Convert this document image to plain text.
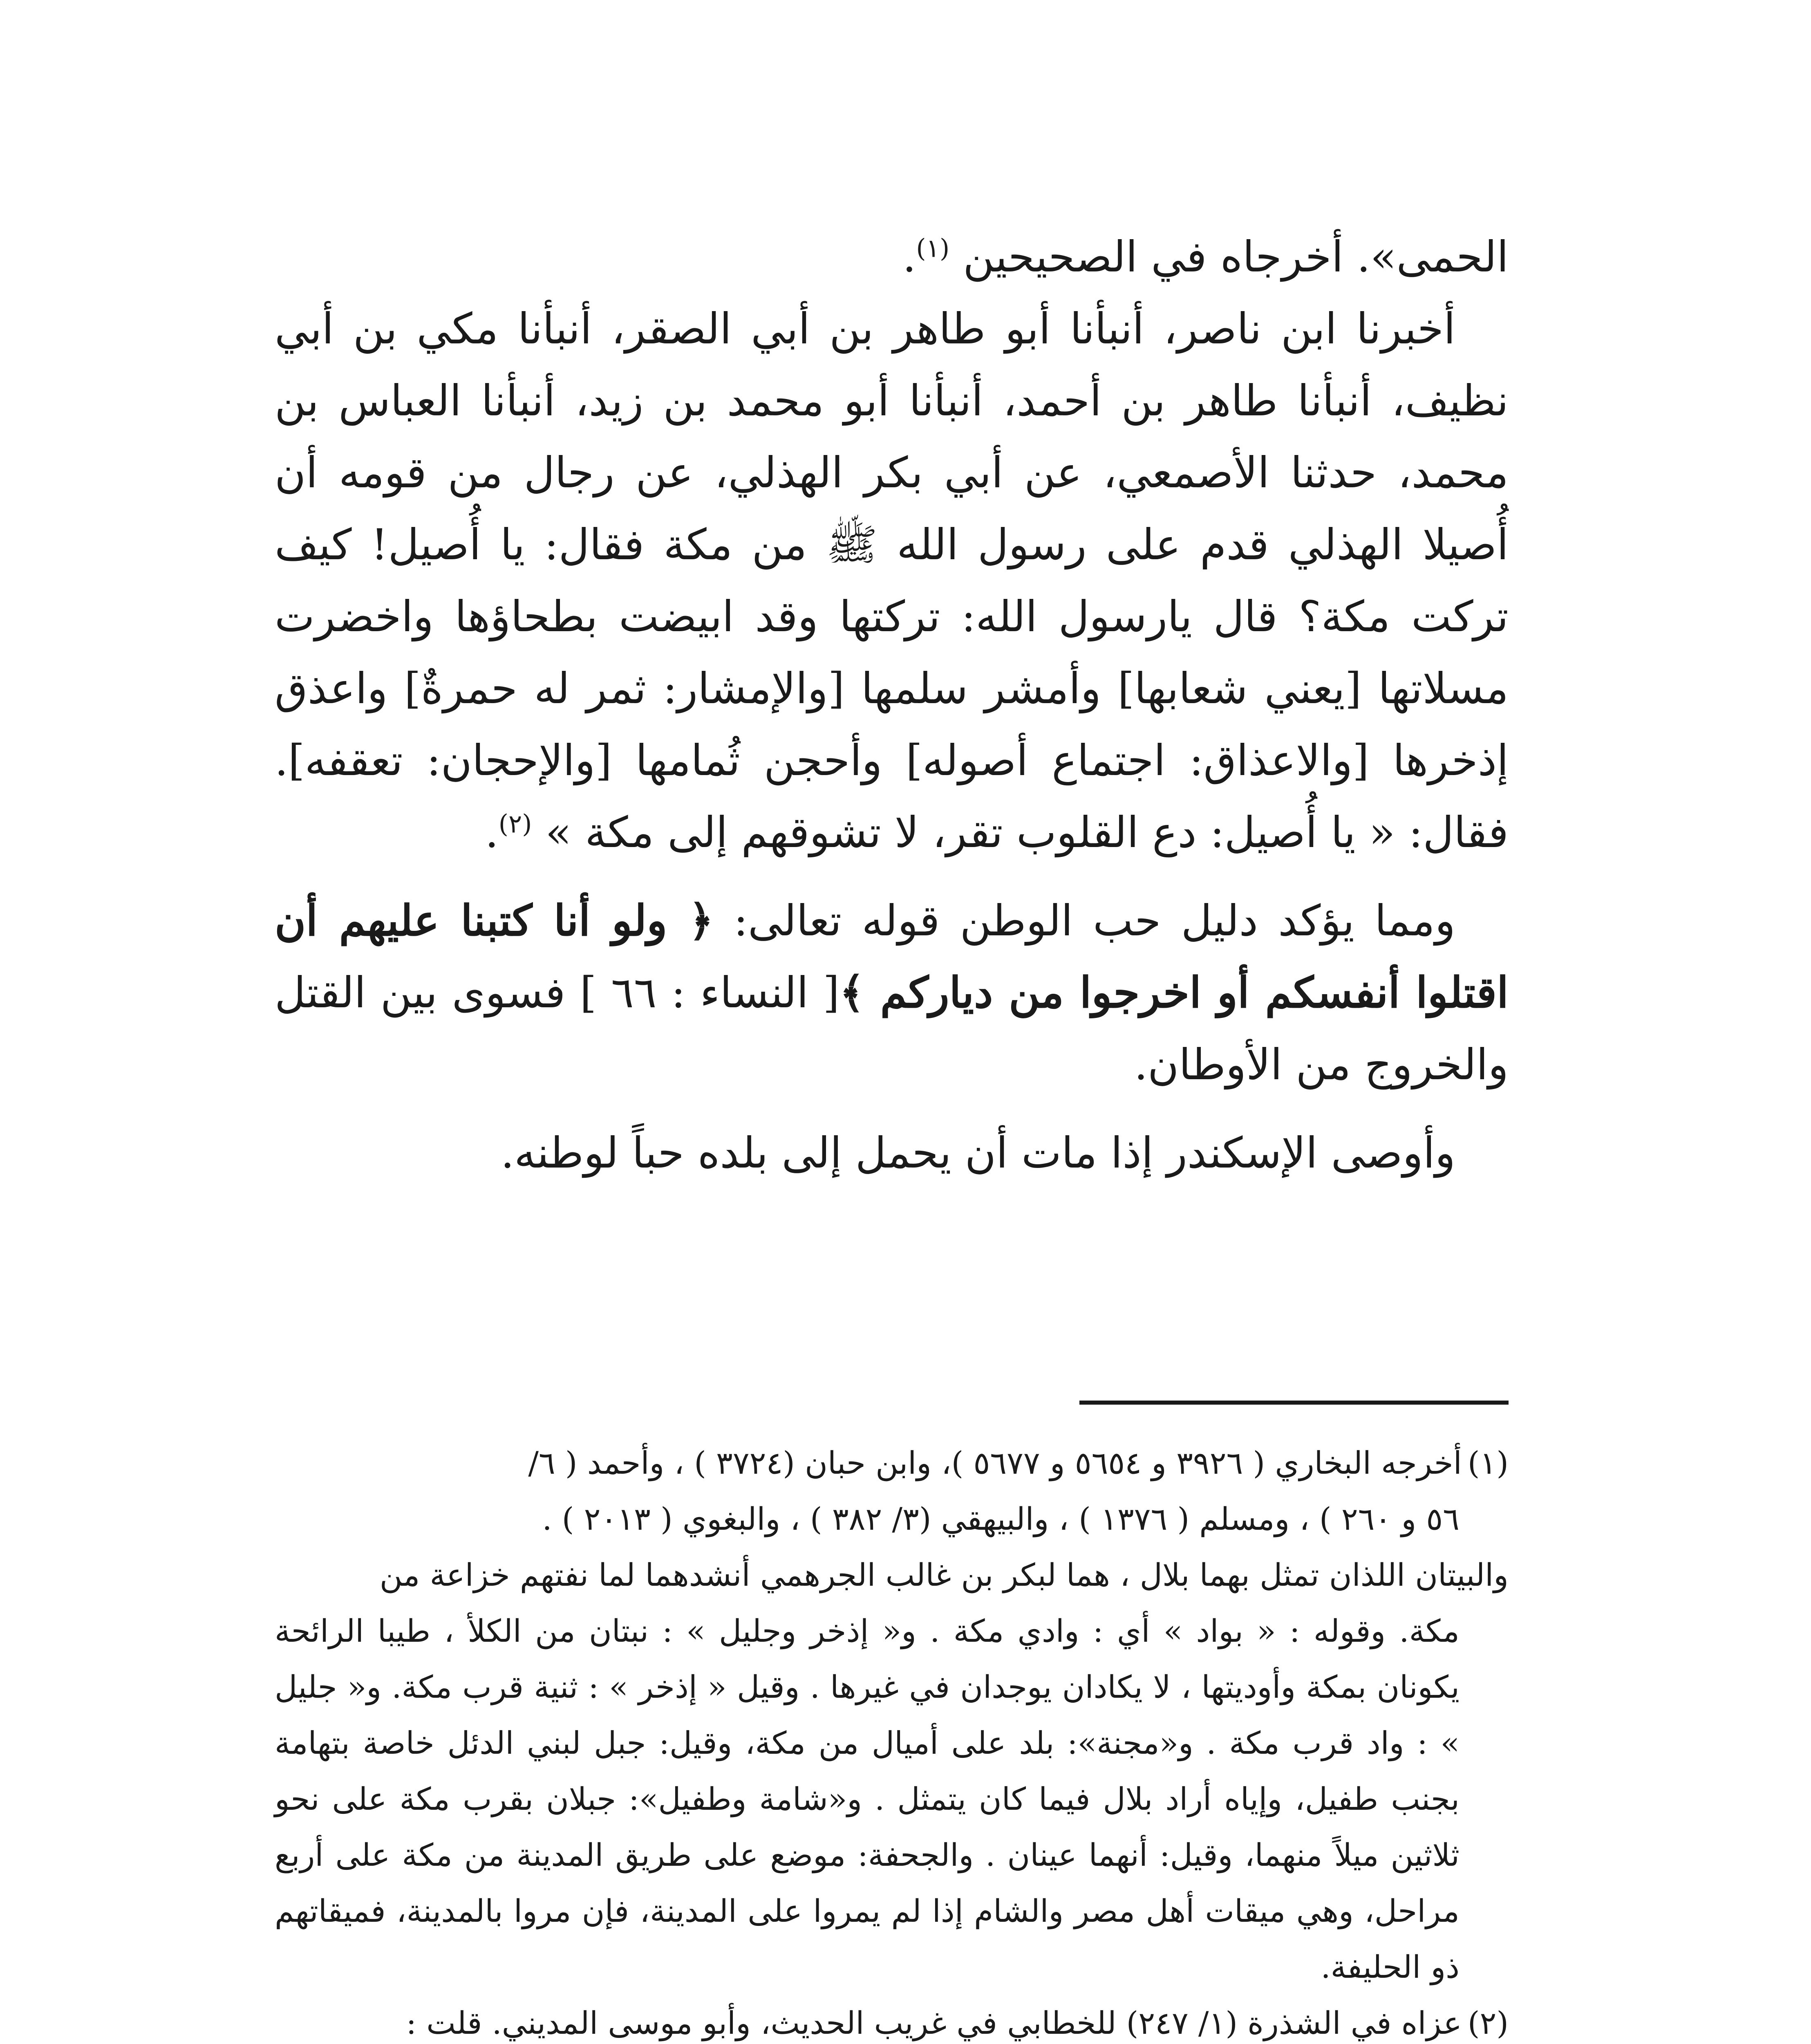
الحمى». أخرجاه في الصحيحين $^{(١)}$.

أخبرنا ابن ناصر، أنبأنا أبو طاهر بن أبي الصقر، أنبأنا مكي بن أبي نظيف، أنبأنا طاهر بن أحمد، أنبأنا أبو محمد بن زيد، أنبأنا العباس بن محمد، حدثنا الأصمعي، عن أبي بكر الهذلي، عن رجال من قومه أن أُصيلا الهذلي قدم على رسول الله ﷺ من مكة فقال: يا أُصيل! كيف تركت مكة؟ قال يارسول الله: تركتها وقد ابيضت بطحاؤها واخضرت مسلاتها [يعني شعابها] وأمشر سلمها [والإمشار: ثمر له حمرةٌ] واعذق إذخرها [والاعذاق: اجتماع أصوله] وأحجن ثُمامها [والإحجان: تعقفه]. فقال: « يا أُصيل: دع القلوب تقر، لا تشوقهم إلى مكة » $^{(٢)}$.

ومما يؤكد دليل حب الوطن قوله تعالى: ﴿ ولو أنا كتبنا عليهم أن اقتلوا أنفسكم أو اخرجوا من دياركم ﴾[ النساء : ٦٦ ] فسوى بين القتل والخروج من الأوطان.

وأوصى الإسكندر إذا مات أن يحمل إلى بلده حباً لوطنه.

(١)أخرجه البخاري ( ٣٩٢٦ و ٥٦٥٤ و ٥٦٧٧ )، وابن حبان (٣٧٢٤ ) ، وأحمد ( ٦/

٥٦ و ٢٦٠ ) ، ومسلم ( ١٣٧٦ ) ، والبيهقي (٣/ ٣٨٢ ) ، والبغوي ( ٢٠١٣ ) .

والبيتان اللذان تمثل بهما بلال ، هما لبكر بن غالب الجرهمي أنشدهما لما نفتهم خزاعة من

مكة. وقوله : « بواد » أي : وادي مكة . و« إذخر وجليل » : نبتان من الكلأ ، طيبا الرائحة يكونان بمكة وأوديتها ، لا يكادان يوجدان في غيرها . وقيل « إذخر » : ثنية قرب مكة. و« جليل » : واد قرب مكة . و«مجنة»: بلد على أميال من مكة، وقيل: جبل لبني الدئل خاصة بتهامة بجنب طفيل، وإياه أراد بلال فيما كان يتمثل . و«شامة وطفيل»: جبلان بقرب مكة على نحو ثلاثين ميلاً منهما، وقيل: أنهما عينان . والجحفة: موضع على طريق المدينة من مكة على أربع مراحل، وهي ميقات أهل مصر والشام إذا لم يمروا على المدينة، فإن مروا بالمدينة، فميقاتهم ذو الحليفة.

(٢)عزاه في الشذرة (١/ ٢٤٧) للخطابي في غريب الحديث، وأبو موسى المديني. قلت :
